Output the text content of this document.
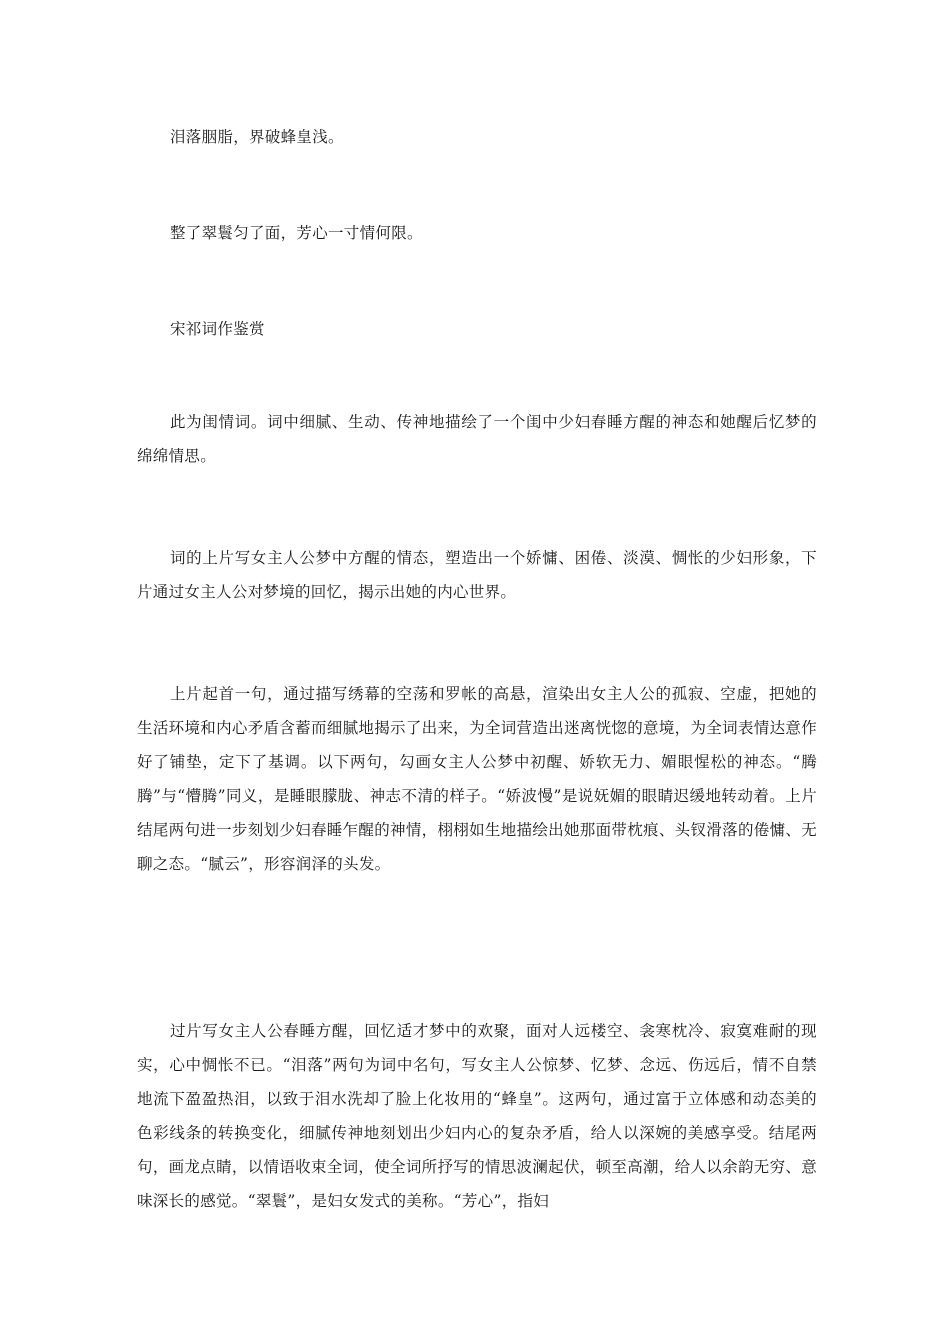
泪落胭脂，界破蜂皇浅。

整了翠鬟匀了面，芳心一寸情何限。

宋祁词作鉴赏

此为闺情词。词中细腻、生动、传神地描绘了一个闺中少妇春睡方醒的神态和她醒后忆梦的绵绵情思。

词的上片写女主人公梦中方醒的情态，塑造出一个娇慵、困倦、淡漠、惆怅的少妇形象，下片通过女主人公对梦境的回忆，揭示出她的内心世界。

上片起首一句，通过描写绣幕的空荡和罗帐的高悬，渲染出女主人公的孤寂、空虚，把她的生活环境和内心矛盾含蓄而细腻地揭示了出来，为全词营造出迷离恍惚的意境，为全词表情达意作好了铺垫，定下了基调。以下两句，勾画女主人公梦中初醒、娇软无力、媚眼惺松的神态。“腾腾”与“懵腾”同义，是睡眼朦胧、神志不清的样子。“娇波慢”是说妩媚的眼睛迟缓地转动着。上片结尾两句进一步刻划少妇春睡乍醒的神情，栩栩如生地描绘出她那面带枕痕、头钗滑落的倦慵、无聊之态。“腻云”，形容润泽的头发。

过片写女主人公春睡方醒，回忆适才梦中的欢聚，面对人远楼空、衾寒枕冷、寂寞难耐的现实，心中惆怅不已。“泪落”两句为词中名句，写女主人公惊梦、忆梦、念远、伤远后，情不自禁地流下盈盈热泪，以致于泪水洗却了脸上化妆用的“蜂皇”。这两句，通过富于立体感和动态美的色彩线条的转换变化，细腻传神地刻划出少妇内心的复杂矛盾，给人以深婉的美感享受。结尾两句，画龙点睛，以情语收束全词，使全词所抒写的情思波澜起伏，顿至高潮，给人以余韵无穷、意味深长的感觉。“翠鬟”，是妇女发式的美称。“芳心”，指妇
